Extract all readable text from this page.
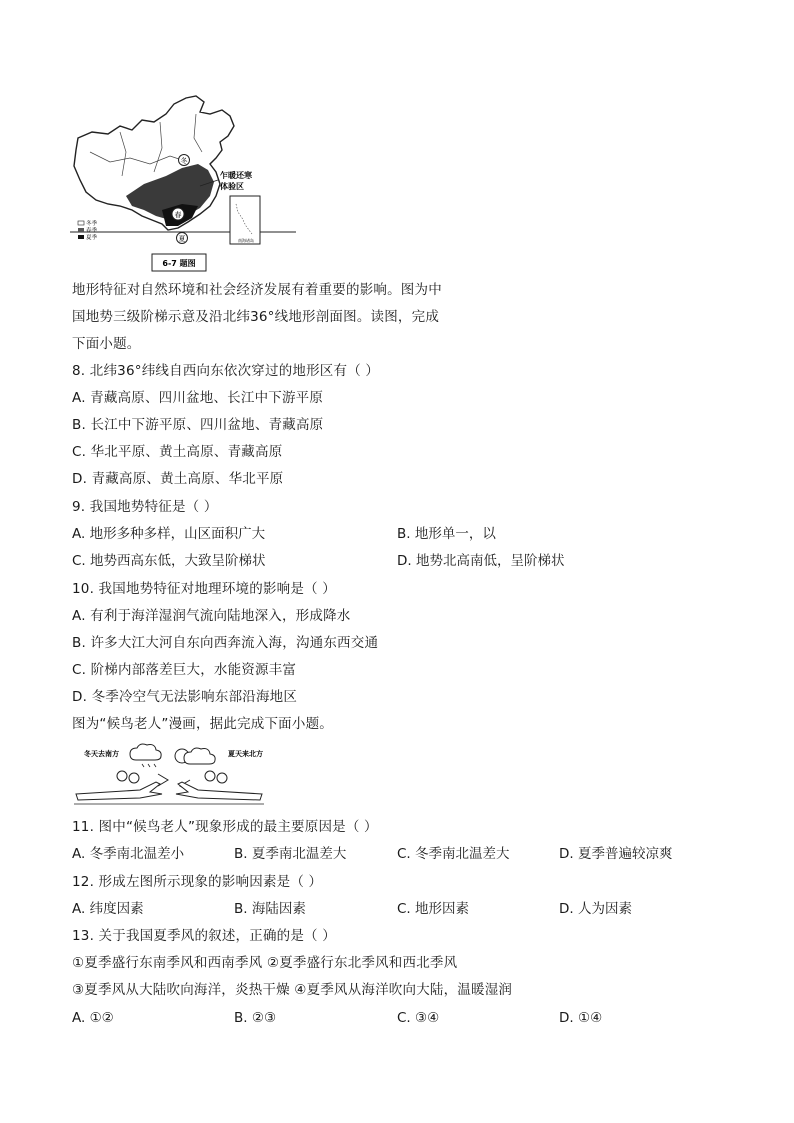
冬
春
夏
乍暖还寒
体验区
南海诸岛
冬季
春季
夏季
6-7 题图
地形特征对自然环境和社会经济发展有着重要的影响。图为中
国地势三级阶梯示意及沿北纬36°线地形剖面图。读图，完成
下面小题。
8. 北纬36°纬线自西向东依次穿过的地形区有（ ）
A. 青藏高原、四川盆地、长江中下游平原
B. 长江中下游平原、四川盆地、青藏高原
C. 华北平原、黄土高原、青藏高原
D. 青藏高原、黄土高原、华北平原
9. 我国地势特征是（ ）
A. 地形多种多样，山区面积广大	B. 地形单一，以
C. 地势西高东低，大致呈阶梯状	D. 地势北高南低，呈阶梯状
10. 我国地势特征对地理环境的影响是（ ）
A. 有利于海洋湿润气流向陆地深入，形成降水
B. 许多大江大河自东向西奔流入海，沟通东西交通
C. 阶梯内部落差巨大，水能资源丰富
D. 冬季冷空气无法影响东部沿海地区
图为“候鸟老人”漫画，据此完成下面小题。
冬天去南方	夏天来北方
11. 图中“候鸟老人”现象形成的最主要原因是（ ）
A. 冬季南北温差小	B. 夏季南北温差大	C. 冬季南北温差大	D. 夏季普遍较凉爽
12. 形成左图所示现象的影响因素是（ ）
A. 纬度因素	B. 海陆因素	C. 地形因素	D. 人为因素
13. 关于我国夏季风的叙述，正确的是（ ）
①夏季盛行东南季风和西南季风 ②夏季盛行东北季风和西北季风
③夏季风从大陆吹向海洋，炎热干燥 ④夏季风从海洋吹向大陆，温暖湿润
A. ①②	B. ②③	C. ③④	D. ①④
